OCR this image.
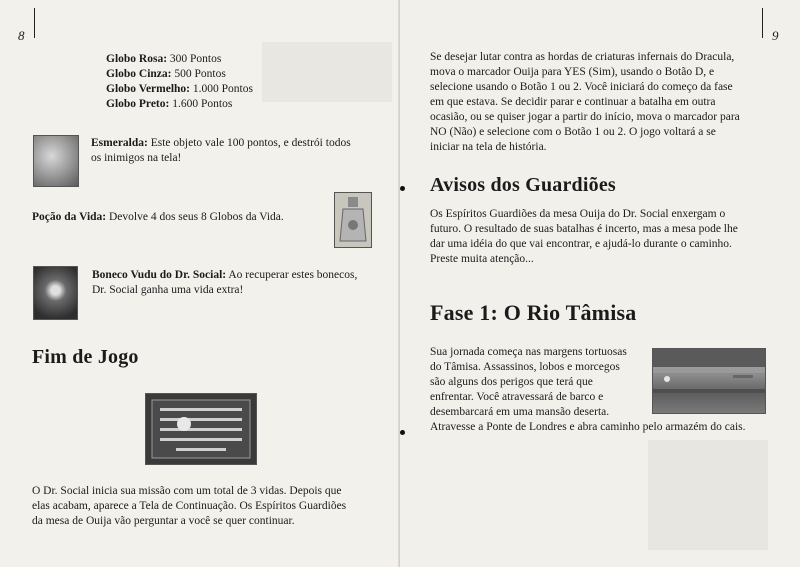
8
Globo Rosa: 300 Pontos
Globo Cinza: 500 Pontos
Globo Vermelho: 1.000 Pontos
Globo Preto: 1.600 Pontos
Esmeralda: Este objeto vale 100 pontos, e destrói todos
os inimigos na tela!
Poção da Vida: Devolve 4 dos seus 8 Globos da Vida.
Boneco Vudu do Dr. Social: Ao recuperar estes bonecos,
Dr. Social ganha uma vida extra!
Fim de Jogo
O Dr. Social inicia sua missão com um total de 3 vidas. Depois que
elas acabam, aparece a Tela de Continuação. Os Espíritos Guardiões
da mesa de Ouija vão perguntar a você se quer continuar.
9
Se desejar lutar contra as hordas de criaturas infernais do Dracula,
mova o marcador Ouija para YES (Sim), usando o Botão D, e
selecione usando o Botão 1 ou 2. Você iniciará do começo da fase
em que estava. Se decidir parar e continuar a batalha em outra
ocasião, ou se quiser jogar a partir do início, mova o marcador para
NO (Não) e selecione com o Botão 1 ou 2. O jogo voltará a se
iniciar na tela de história.
Avisos dos Guardiões
Os Espíritos Guardiões da mesa Ouija do Dr. Social enxergam o
futuro. O resultado de suas batalhas é incerto, mas a mesa pode lhe
dar uma idéia do que vai encontrar, e ajudá-lo durante o caminho.
Preste muita atenção...
Fase 1: O Rio Tâmisa
Sua jornada começa nas margens tortuosas
do Tâmisa. Assassinos, lobos e morcegos
são alguns dos perigos que terá que
enfrentar. Você atravessará de barco e
desembarcará em uma mansão deserta.
Atravesse a Ponte de Londres e abra caminho pelo armazém do cais.
